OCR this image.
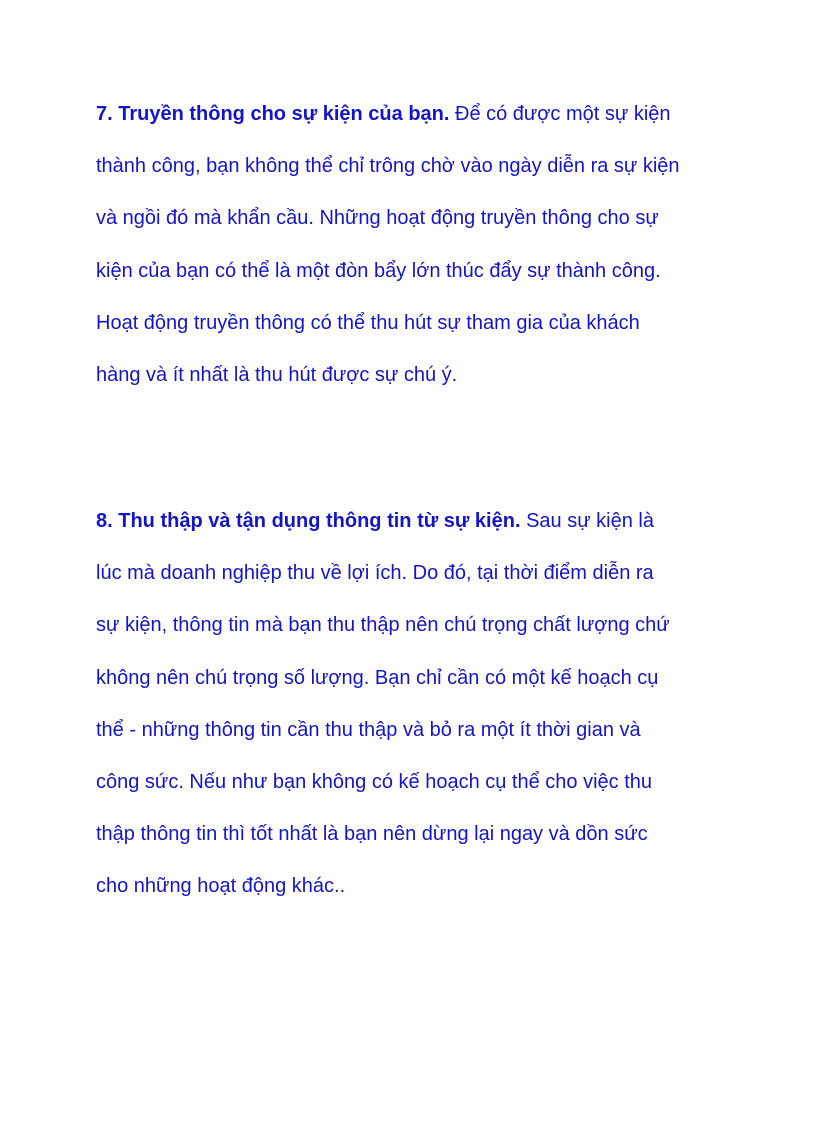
7. Truyền thông cho sự kiện của bạn. Để có được một sự kiện
thành công, bạn không thể chỉ trông chờ vào ngày diễn ra sự kiện
và ngồi đó mà khẩn cầu. Những hoạt động truyền thông cho sự
kiện của bạn có thể là một đòn bẩy lớn thúc đẩy sự thành công.
Hoạt động truyền thông có thể thu hút sự tham gia của khách
hàng và ít nhất là thu hút được sự chú ý.

8. Thu thập và tận dụng thông tin từ sự kiện. Sau sự kiện là
lúc mà doanh nghiệp thu về lợi ích. Do đó, tại thời điểm diễn ra
sự kiện, thông tin mà bạn thu thập nên chú trọng chất lượng chứ
không nên chú trọng số lượng. Bạn chỉ cần có một kế hoạch cụ
thể - những thông tin cần thu thập và bỏ ra một ít thời gian và
công sức. Nếu như bạn không có kế hoạch cụ thể cho việc thu
thập thông tin thì tốt nhất là bạn nên dừng lại ngay và dồn sức
cho những hoạt động khác..
